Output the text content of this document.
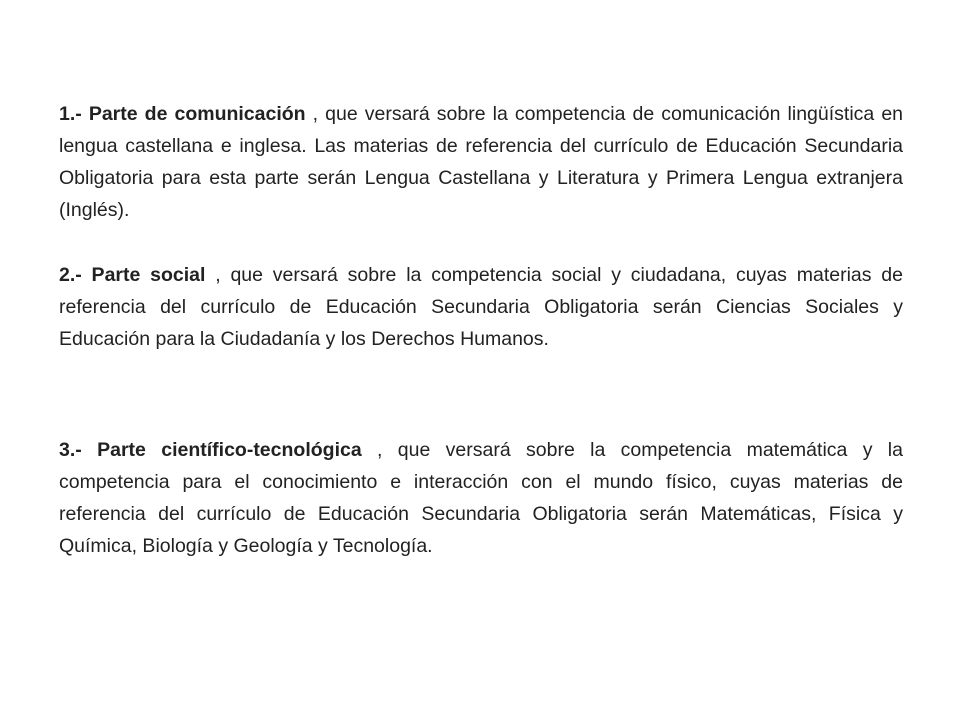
1.- Parte de comunicación , que versará sobre la competencia de comunicación lingüística en lengua castellana e inglesa. Las materias de referencia del currículo de Educación Secundaria Obligatoria para esta parte serán Lengua Castellana y Literatura y Primera Lengua extranjera (Inglés).

2.- Parte social , que versará sobre la competencia social y ciudadana, cuyas materias de referencia del currículo de Educación Secundaria Obligatoria serán Ciencias Sociales y Educación para la Ciudadanía y los Derechos Humanos.

3.- Parte científico-tecnológica , que versará sobre la competencia matemática y la competencia para el conocimiento e interacción con el mundo físico, cuyas materias de referencia del currículo de Educación Secundaria Obligatoria serán Matemáticas, Física y Química, Biología y Geología y Tecnología.
